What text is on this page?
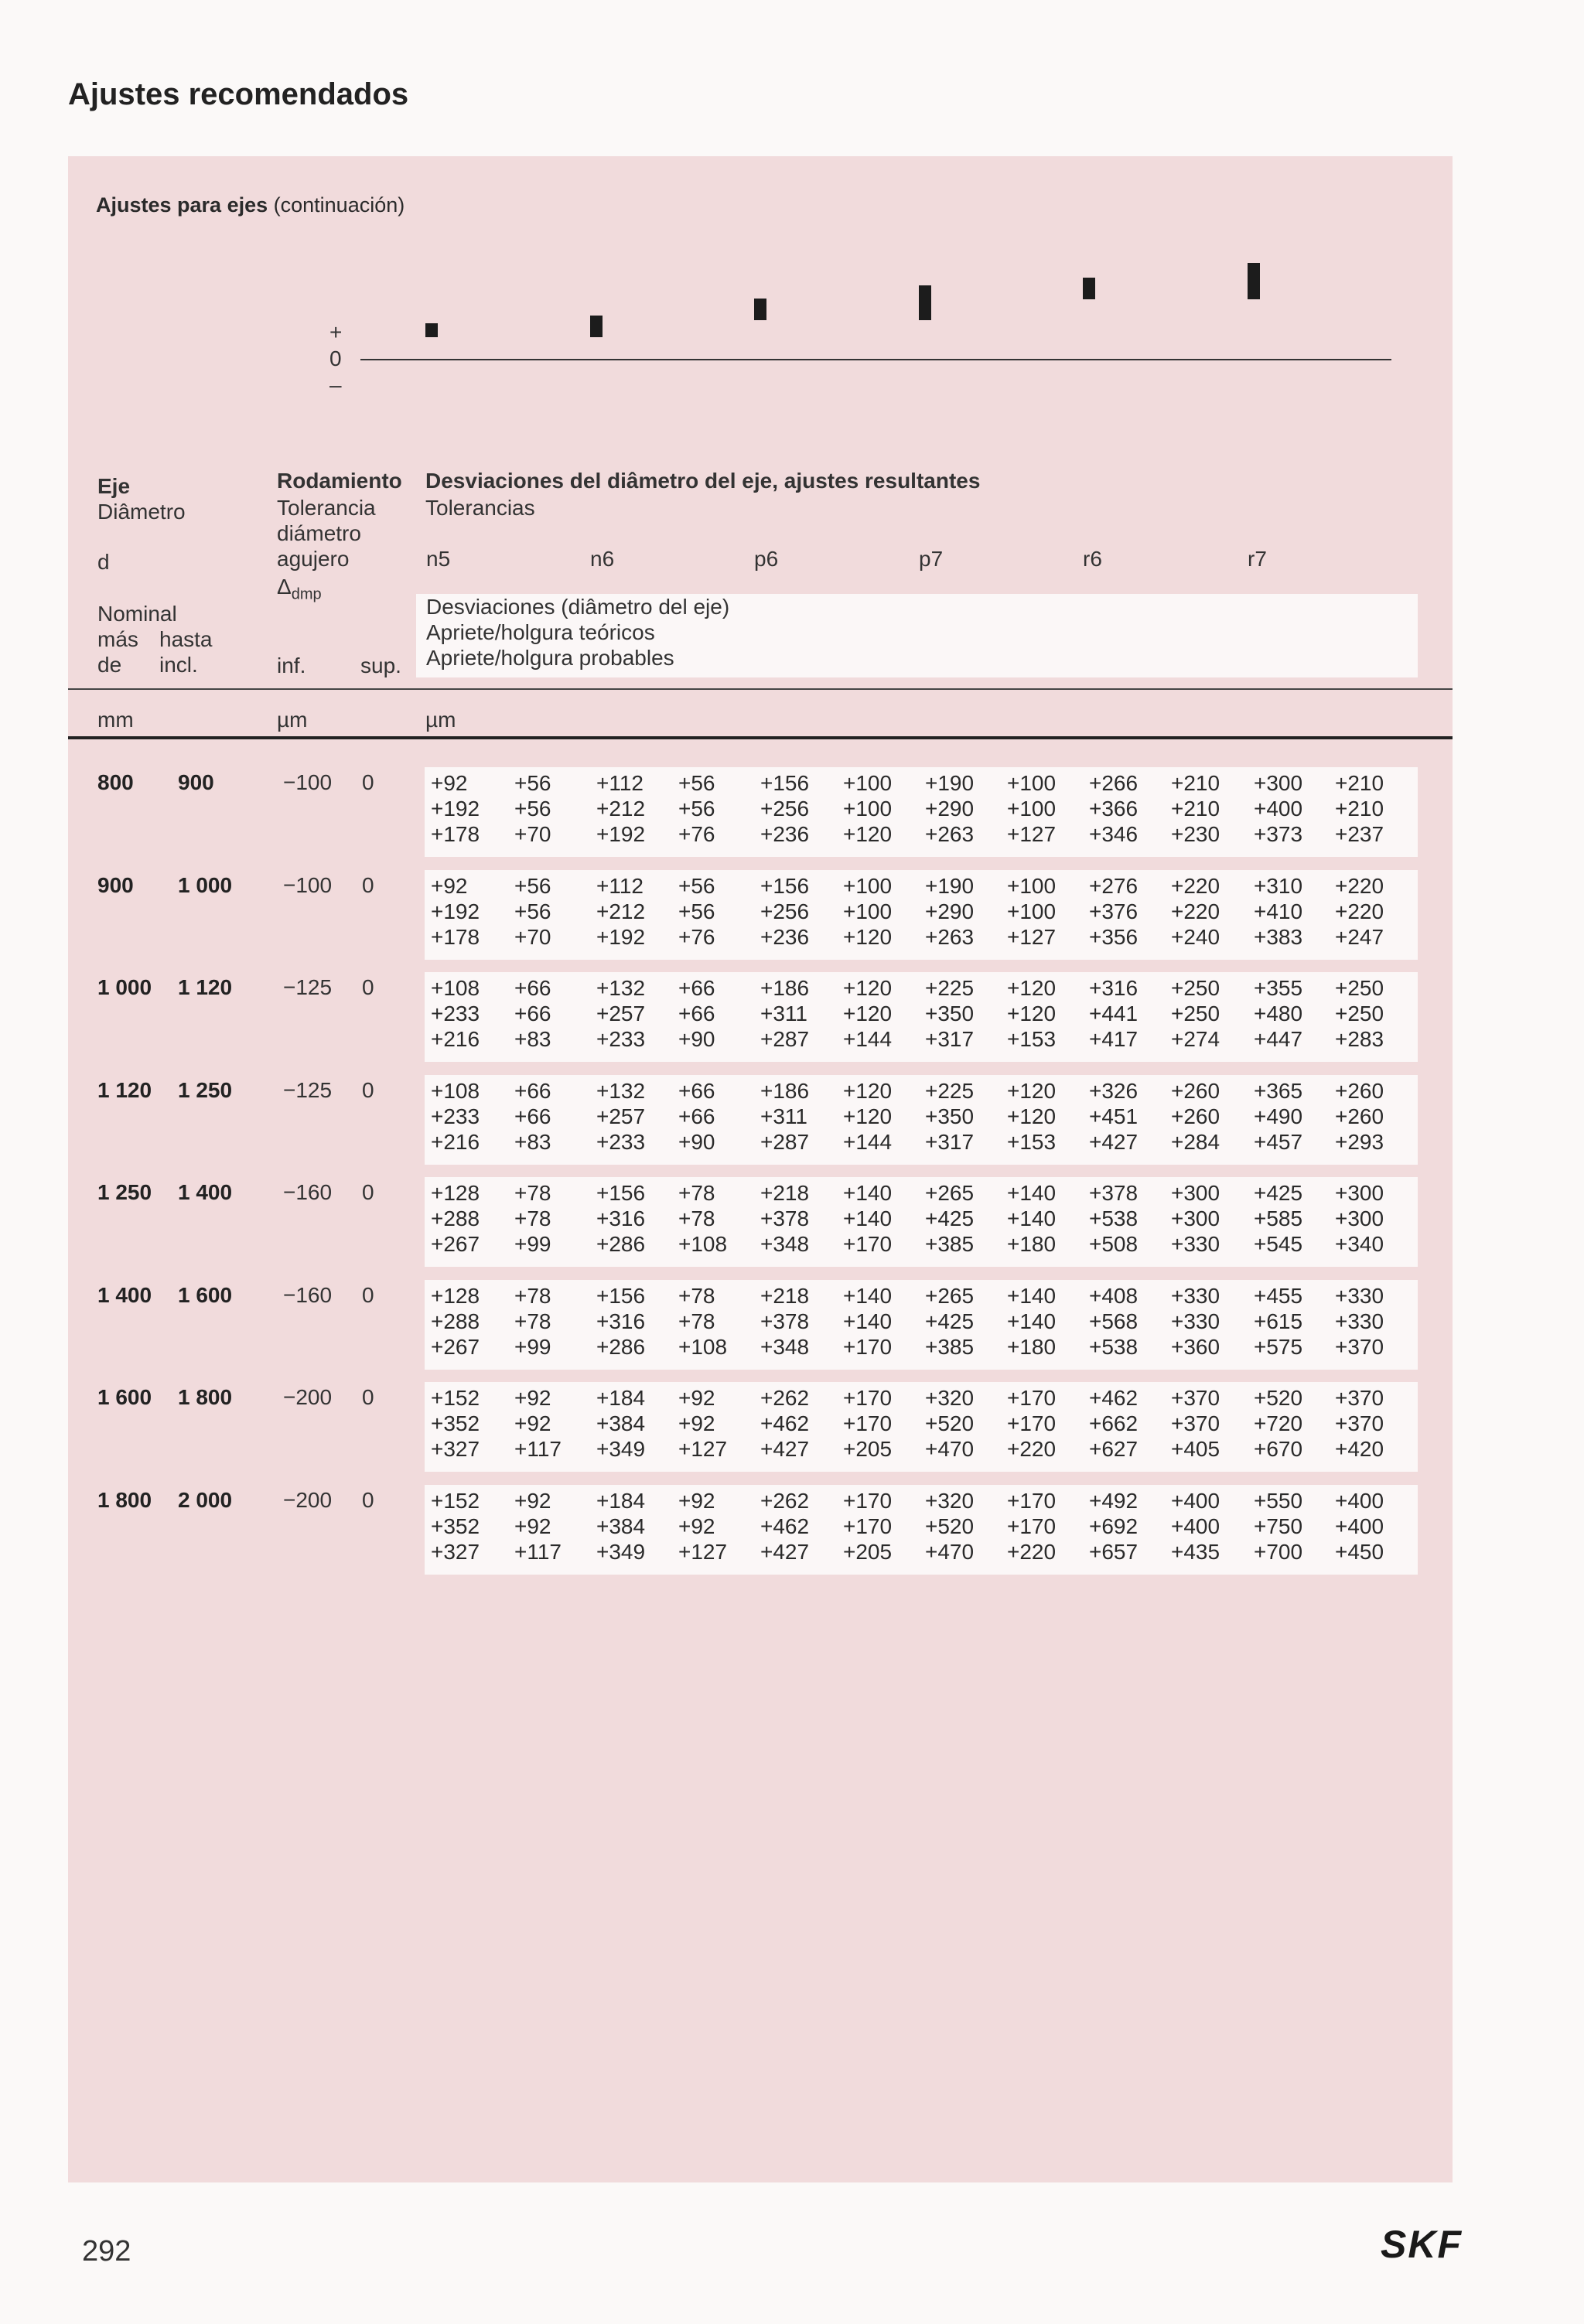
Ajustes recomendados
Ajustes para ejes (continuación)
+
0
–
Eje
Diâmetro
d
Nominal
más hasta
de incl.
Rodamiento
Tolerancia
diámetro
agujero
$\Delta_{dmp}$
inf.	sup.
Desviaciones del diâmetro del eje, ajustes resultantes
Tolerancias
n5	n6	p6	p7	r6	r7
Desviaciones (diâmetro del eje)
Apriete/holgura teóricos
Apriete/holgura probables
mm	µm	µm
800 900	−100 0	+92 +56 +112 +56 +156 +100 +190 +100 +266 +210 +300 +210
+192 +56 +212 +56 +256 +100 +290 +100 +366 +210 +400 +210
+178 +70 +192 +76 +236 +120 +263 +127 +346 +230 +373 +237
900 1 000 −100 0	+92 +56 +112 +56 +156 +100 +190 +100 +276 +220 +310 +220
+192 +56 +212 +56 +256 +100 +290 +100 +376 +220 +410 +220
+178 +70 +192 +76 +236 +120 +263 +127 +356 +240 +383 +247
1 000 1 120 −125 0	+108 +66 +132 +66 +186 +120 +225 +120 +316 +250 +355 +250
+233 +66 +257 +66 +311 +120 +350 +120 +441 +250 +480 +250
+216 +83 +233 +90 +287 +144 +317 +153 +417 +274 +447 +283
1 120 1 250 −125 0	+108 +66 +132 +66 +186 +120 +225 +120 +326 +260 +365 +260
+233 +66 +257 +66 +311 +120 +350 +120 +451 +260 +490 +260
+216 +83 +233 +90 +287 +144 +317 +153 +427 +284 +457 +293
1 250 1 400 −160 0	+128 +78 +156 +78 +218 +140 +265 +140 +378 +300 +425 +300
+288 +78 +316 +78 +378 +140 +425 +140 +538 +300 +585 +300
+267 +99 +286 +108 +348 +170 +385 +180 +508 +330 +545 +340
1 400 1 600 −160 0	+128 +78 +156 +78 +218 +140 +265 +140 +408 +330 +455 +330
+288 +78 +316 +78 +378 +140 +425 +140 +568 +330 +615 +330
+267 +99 +286 +108 +348 +170 +385 +180 +538 +360 +575 +370
1 600 1 800 −200 0	+152 +92 +184 +92 +262 +170 +320 +170 +462 +370 +520 +370
+352 +92 +384 +92 +462 +170 +520 +170 +662 +370 +720 +370
+327 +117 +349 +127 +427 +205 +470 +220 +627 +405 +670 +420
1 800 2 000 −200 0	+152 +92 +184 +92 +262 +170 +320 +170 +492 +400 +550 +400
+352 +92 +384 +92 +462 +170 +520 +170 +692 +400 +750 +400
+327 +117 +349 +127 +427 +205 +470 +220 +657 +435 +700 +450
292	SKF
